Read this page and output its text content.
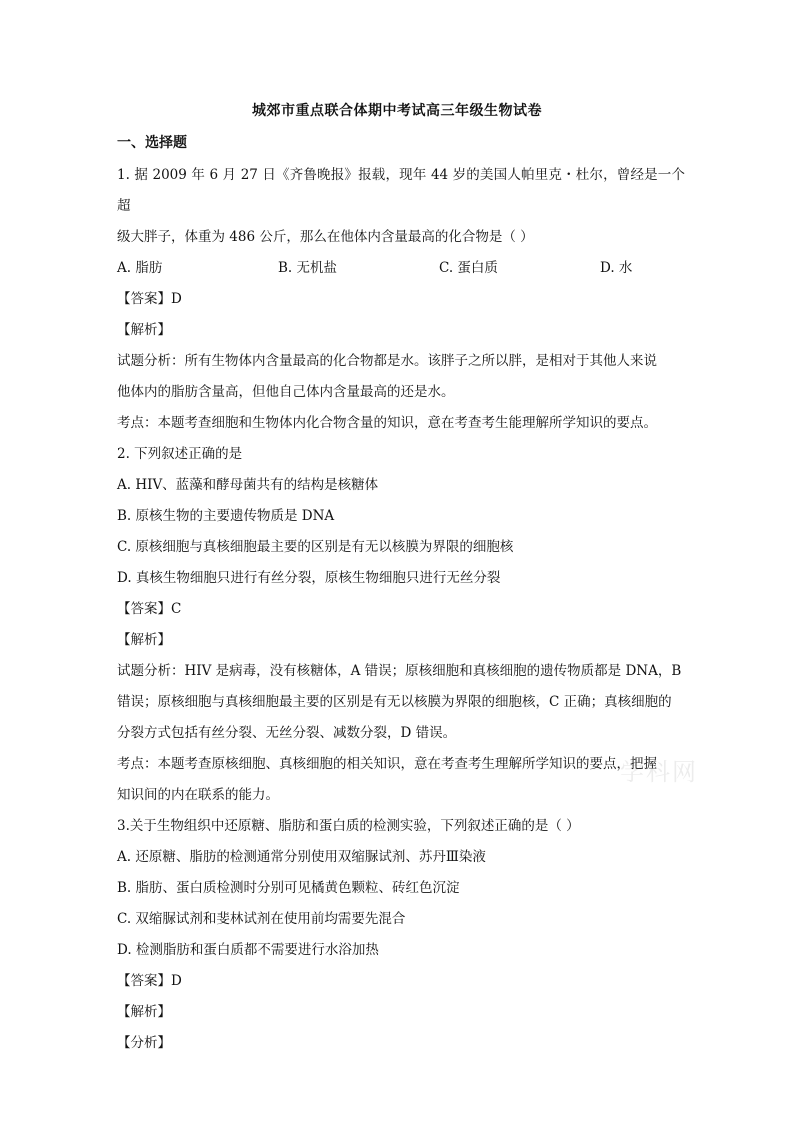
城郊市重点联合体期中考试高三年级生物试卷
一、选择题
学科网

1. 据 2009 年 6 月 27 日《齐鲁晚报》报载，现年 44 岁的美国人帕里克・杜尔，曾经是一个超

级大胖子，体重为 486 公斤，那么在他体内含量最高的化合物是（ ）

A. 脂肪	B. 无机盐	C. 蛋白质	D. 水

【答案】D

【解析】

试题分析：所有生物体内含量最高的化合物都是水。该胖子之所以胖，是相对于其他人来说

他体内的脂肪含量高，但他自己体内含量最高的还是水。

考点：本题考查细胞和生物体内化合物含量的知识，意在考查考生能理解所学知识的要点。

2. 下列叙述正确的是

A. HIV、蓝藻和酵母菌共有的结构是核糖体

B. 原核生物的主要遗传物质是 DNA

C. 原核细胞与真核细胞最主要的区别是有无以核膜为界限的细胞核

D. 真核生物细胞只进行有丝分裂，原核生物细胞只进行无丝分裂

【答案】C

【解析】

试题分析：HIV 是病毒，没有核糖体，A 错误；原核细胞和真核细胞的遗传物质都是 DNA，B

错误；原核细胞与真核细胞最主要的区别是有无以核膜为界限的细胞核，C 正确；真核细胞的

分裂方式包括有丝分裂、无丝分裂、减数分裂，D 错误。

考点：本题考查原核细胞、真核细胞的相关知识，意在考查考生理解所学知识的要点，把握

知识间的内在联系的能力。

3.关于生物组织中还原糖、脂肪和蛋白质的检测实验，下列叙述正确的是（ ）

A. 还原糖、脂肪的检测通常分别使用双缩脲试剂、苏丹Ⅲ染液

B. 脂肪、蛋白质检测时分别可见橘黄色颗粒、砖红色沉淀

C. 双缩脲试剂和斐林试剂在使用前均需要先混合

D. 检测脂肪和蛋白质都不需要进行水浴加热

【答案】D

【解析】

【分析】
